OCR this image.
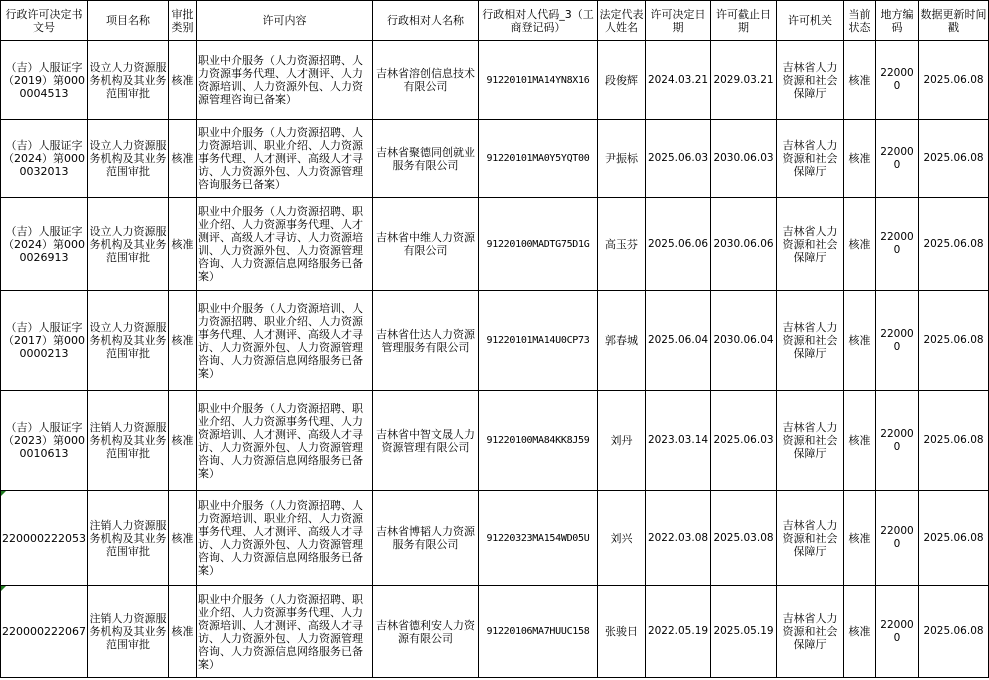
行政许可决定书文号	项目名称	审批类别	许可内容	行政相对人名称	行政相对人代码_3（工商登记码）	法定代表人姓名	许可决定日期	许可截止日期	许可机关	当前状态	地方编码	数据更新时间戳
（吉）人服证字（2019）第0000004513	设立人力资源服务机构及其业务范围审批	核准	职业中介服务（人力资源招聘、人力资源事务代理、人才测评、人力资源培训、人力资源外包、人力资源管理咨询已备案）	吉林省溶创信息技术有限公司	91220101MA14YN8X16	段俊辉	2024.03.21	2029.03.21	吉林省人力资源和社会保障厅	核准	220000	2025.06.08
（吉）人服证字（2024）第0000032013	设立人力资源服务机构及其业务范围审批	核准	职业中介服务（人力资源招聘、人力资源培训、职业介绍、人力资源事务代理、人才测评、高级人才寻访、人力资源外包、人力资源管理咨询服务已备案）	吉林省聚德同创就业服务有限公司	91220101MA0Y5YQT00	尹振标	2025.06.03	2030.06.03	吉林省人力资源和社会保障厅	核准	220000	2025.06.08
（吉）人服证字（2024）第0000026913	设立人力资源服务机构及其业务范围审批	核准	职业中介服务（人力资源招聘、职业介绍、人力资源事务代理、人才测评、高级人才寻访、人力资源培训、人力资源外包、人力资源管理咨询、人力资源信息网络服务已备案）	吉林省中维人力资源有限公司	91220100MADTG75D1G	高玉芬	2025.06.06	2030.06.06	吉林省人力资源和社会保障厅	核准	220000	2025.06.08
（吉）人服证字（2017）第0000000213	设立人力资源服务机构及其业务范围审批	核准	职业中介服务（人力资源培训、人力资源招聘、职业介绍、人力资源事务代理、人才测评、高级人才寻访、人力资源外包、人力资源管理咨询、人力资源信息网络服务已备案）	吉林省仕达人力资源管理服务有限公司	91220101MA14U0CP73	郭春城	2025.06.04	2030.06.04	吉林省人力资源和社会保障厅	核准	220000	2025.06.08
（吉）人服证字（2023）第0000010613	注销人力资源服务机构及其业务范围审批	核准	职业中介服务（人力资源招聘、职业介绍、人力资源事务代理、人力资源培训、人才测评、高级人才寻访、人力资源外包、人力资源管理咨询、人力资源信息网络服务已备案）	吉林省中智文晟人力资源管理有限公司	91220100MA84KK8J59	刘丹	2023.03.14	2025.06.03	吉林省人力资源和社会保障厅	核准	220000	2025.06.08

220000222053	注销人力资源服务机构及其业务范围审批	核准	职业中介服务（人力资源招聘、人力资源培训、职业介绍、人力资源事务代理、人才测评、高级人才寻访、人力资源外包、人力资源管理咨询、人力资源信息网络服务已备案）	吉林省博韬人力资源服务有限公司	91220323MA154WD05U	刘兴	2022.03.08	2025.03.08	吉林省人力资源和社会保障厅	核准	220000	2025.06.08

220000222067	注销人力资源服务机构及其业务范围审批	核准	职业中介服务（人力资源招聘、职业介绍、人力资源事务代理、人力资源培训、人才测评、高级人才寻访、人力资源外包、人力资源管理咨询、人力资源信息网络服务已备案）	吉林省德利安人力资源有限公司	91220106MA7HUUC158	张骏日	2022.05.19	2025.05.19	吉林省人力资源和社会保障厅	核准	220000	2025.06.08
